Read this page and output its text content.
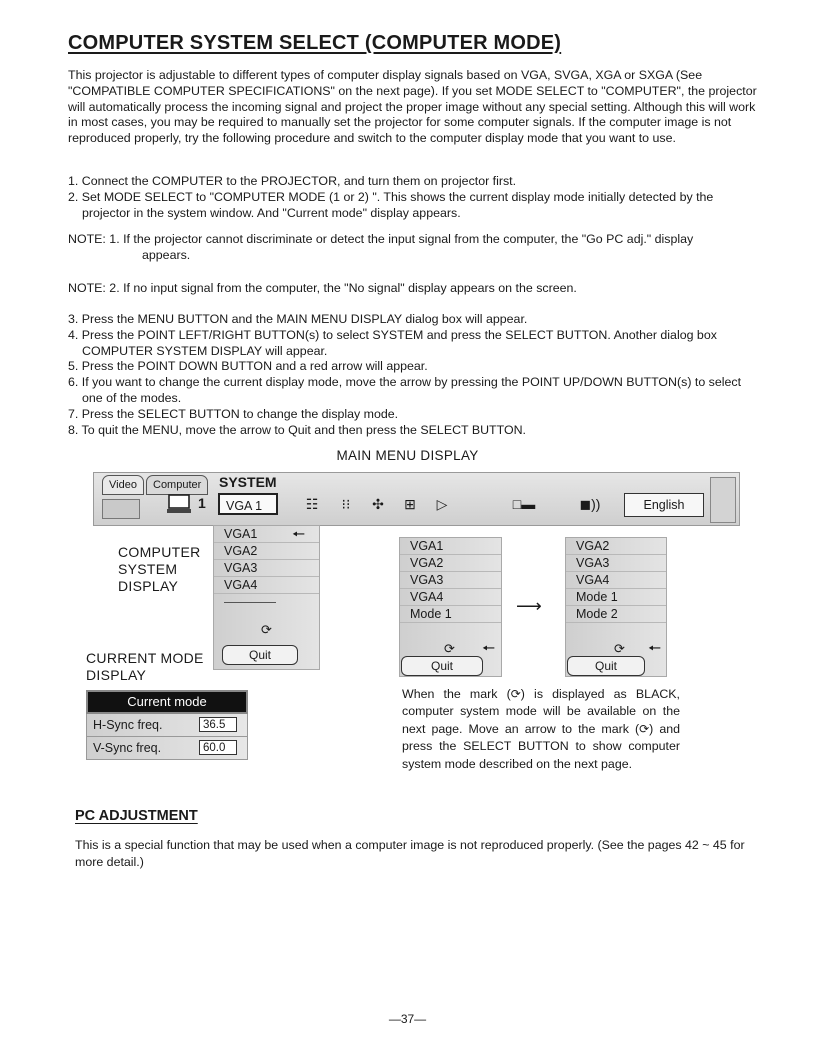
COMPUTER SYSTEM SELECT (COMPUTER MODE)

This projector is adjustable to different types of computer display signals based on VGA, SVGA, XGA or SXGA (See "COMPATIBLE COMPUTER SPECIFICATIONS" on the next page). If you set MODE SELECT to "COMPUTER", the projector will automatically process the incoming signal and project the proper image without any special setting. Although this will work in most cases, you may be required to manually set the projector for some computer signals. If the computer image is not reproduced properly, try the following procedure and switch to the computer display mode that you want to use.

1. Connect the COMPUTER to the PROJECTOR, and turn them on projector first.
2. Set MODE SELECT to "COMPUTER MODE (1 or 2) ". This shows the current display mode initially detected by the projector in the system window. And "Current mode" display appears.

NOTE: 1. If the projector cannot discriminate or detect the input signal from the computer, the "Go PC adj." display
appears.

NOTE: 2. If no input signal from the computer, the "No signal" display appears on the screen.

3. Press the MENU BUTTON and the MAIN MENU DISPLAY dialog box will appear.
4. Press the POINT LEFT/RIGHT BUTTON(s) to select SYSTEM and press the SELECT BUTTON. Another dialog box COMPUTER SYSTEM DISPLAY will appear.
5. Press the POINT DOWN BUTTON and a red arrow will appear.
6. If you want to change the current display mode, move the arrow by pressing the POINT UP/DOWN BUTTON(s) to select one of the modes.
7. Press the SELECT BUTTON to change the display mode.
8. To quit the MENU, move the arrow to Quit and then press the SELECT BUTTON.
MAIN MENU DISPLAY
Video	Computer	SYSTEM
1	VGA 1	☷	⁝⁝	✣	⊞	▷	□▬	◼))	English
COMPUTER
SYSTEM
DISPLAY
CURRENT MODE
DISPLAY
VGA1
VGA2
VGA3
VGA4
⟳
🠔
Quit
VGA1
VGA2
VGA3
VGA4
Mode 1
⟳ 🠔
Quit
⟶
VGA2
VGA3
VGA4
Mode 1
Mode 2
⟳ 🠔
Quit
Current mode
H-Sync freq.	36.5
V-Sync freq.	60.0

When the mark (⟳) is displayed as BLACK, computer system mode will be available on the next page. Move an arrow to the mark (⟳) and press the SELECT BUTTON to show computer system mode described on the next page.

PC ADJUSTMENT

This is a special function that may be used when a computer image is not reproduced properly. (See the pages 42 ~ 45 for more detail.)

—37—
